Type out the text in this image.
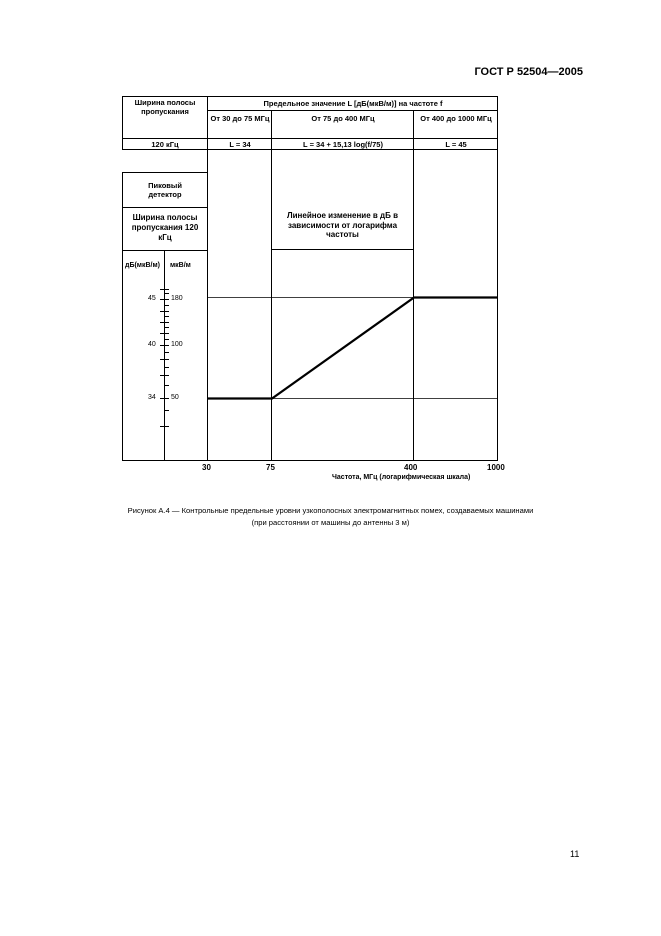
ГОСТ Р 52504—2005
Ширина полосы пропускания
Предельное значение L [дБ(мкВ/м)] на частоте f
От 30 до 75 МГц	От 75 до 400 МГц	От 400 до 1000 МГц
120 кГц	L = 34	L = 34 + 15,13 log(f/75)	L = 45
Пиковый детектор
Ширина полосы пропускания 120 кГц
дБ(мкВ/м) мкВ/м
Линейное изменение в дБ в зависимости от логарифма частоты
45 180
40 100
34 50
30	75	400	1000
Частота, МГц (логарифмическая шкала)
Рисунок А.4 — Контрольные предельные уровни узкополосных электромагнитных помех, создаваемых машинами
(при расстоянии от машины до антенны 3 м)
11
